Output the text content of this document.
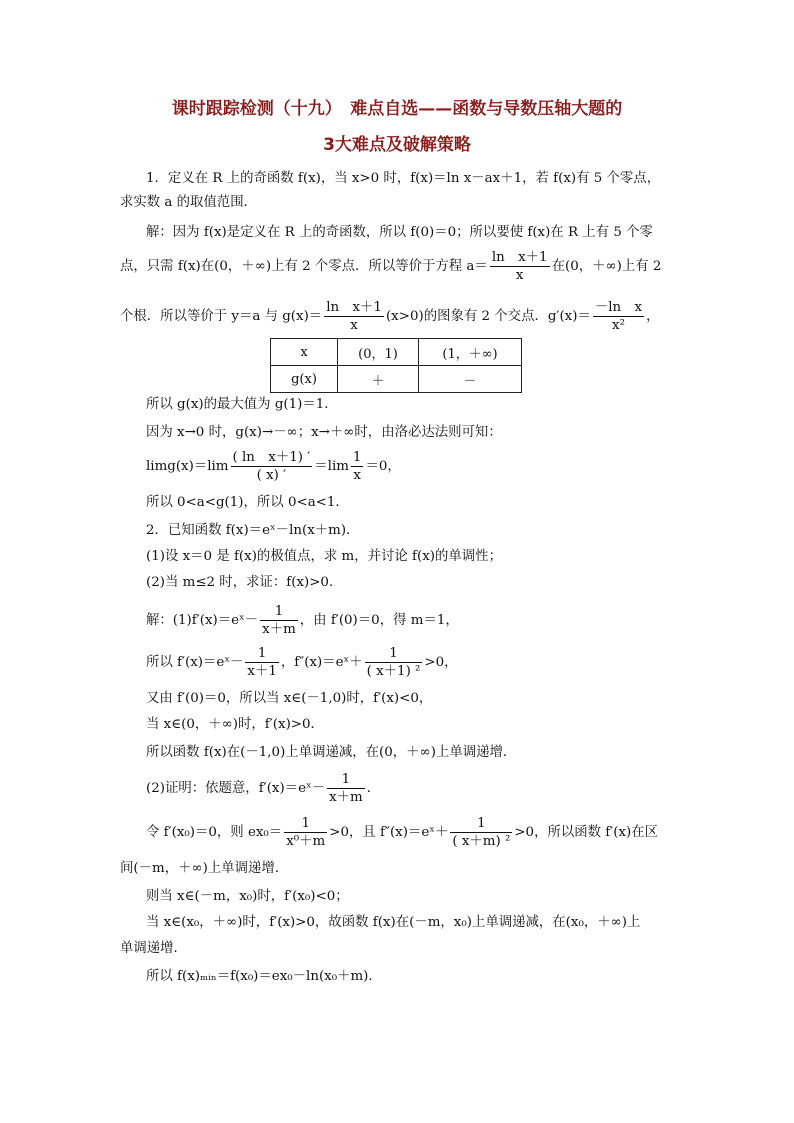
课时跟踪检测（十九）　难点自选——函数与导数压轴大题的
3大难点及破解策略
1．定义在 R 上的奇函数 f(x)，当 x>0 时，f(x)＝ln x－ax＋1，若 f(x)有 5 个零点，
求实数 a 的取值范围．
解：因为 f(x)是定义在 R 上的奇函数，所以 f(0)＝0；所以要使 f(x)在 R 上有 5 个零
点，只需 f(x)在(0，＋∞)上有 2 个零点．所以等价于方程 $a= \frac{\text{ln　x＋1}}{x}$ 在(0，＋∞)上有 2
个根．所以等价于 y＝a 与 $g(x)= \frac{\text{ln　x＋1}}{x} (x>0)$的图象有 2 个交点．$g'(x)= \frac{\text{－ln　x}}{\text{x²}}$ ，
x	(0，1)	(1，＋∞)
g(x)	＋	－
所以 g(x)的最大值为 g(1)＝1．
因为 x→0 时，g(x)→－∞；x→＋∞时，由洛必达法则可知：
$\lim g(x)=\lim \frac{\text{( ln　x＋1) ′}}{( x) '} =\lim \frac{1}{x} =0$，
所以 0<a<g(1)，所以 0<a<1．
2．已知函数 f(x)＝eˣ－ln(x＋m)．
(1)设 x＝0 是 f(x)的极值点，求 m，并讨论 f(x)的单调性；
(2)当 m≤2 时，求证：f(x)>0．
解：(1)f′(x)＝eˣ－ $\frac{1}{x+m}$ ，由 f′(0)＝0，得 m＝1，
所以 f′(x)＝eˣ－ $\frac{1}{x+1}$ ，f″(x)＝eˣ＋ $\frac{1}{\text{( x＋1) ²}} >0$，
又由 f′(0)＝0，所以当 x∈(－1,0)时，f′(x)<0，
当 x∈(0，＋∞)时，f′(x)>0．
所以函数 f(x)在(－1,0)上单调递减，在(0，＋∞)上单调递增．
(2)证明：依题意，f′(x)＝eˣ－ $\frac{1}{x+m}$ ．
令 f′(x₀)＝0，则 $ex_0= \frac{1}{\text{x⁰＋m}} >0$，且 f″(x)＝eˣ＋ $\frac{1}{\text{( x＋m) ²}} >0$，所以函数 f′(x)在区
间(－m，＋∞)上单调递增．
则当 x∈(－m，x₀)时，f′(x₀)<0；
当 x∈(x₀，＋∞)时，f′(x)>0，故函数 f(x)在(－m，x₀)上单调递减，在(x₀，＋∞)上
单调递增．
所以 f(x)ₘᵢₙ＝f(x₀)＝ex₀－ln(x₀＋m)．
